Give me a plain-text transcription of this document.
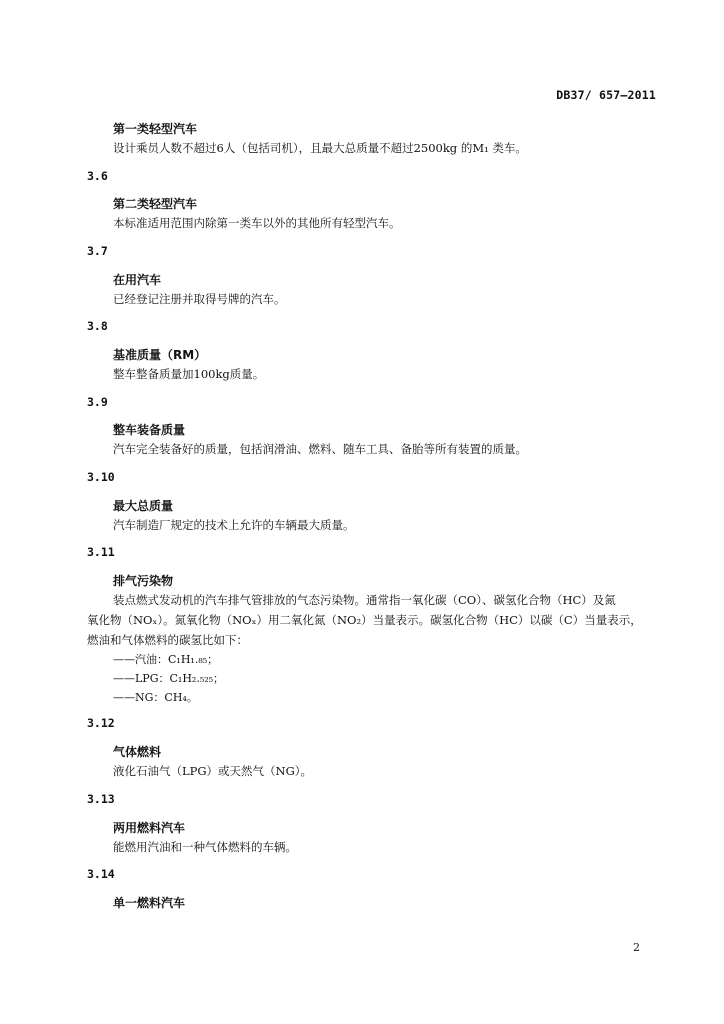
DB37/ 657—2011
第一类轻型汽车
设计乘员人数不超过6人（包括司机），且最大总质量不超过2500kg 的M₁ 类车。
3.6
第二类轻型汽车
本标准适用范围内除第一类车以外的其他所有轻型汽车。
3.7
在用汽车
已经登记注册并取得号牌的汽车。
3.8
基准质量（RM）
整车整备质量加100kg质量。
3.9
整车装备质量
汽车完全装备好的质量，包括润滑油、燃料、随车工具、备胎等所有装置的质量。
3.10
最大总质量
汽车制造厂规定的技术上允许的车辆最大质量。
3.11
排气污染物
装点燃式发动机的汽车排气管排放的气态污染物。通常指一氧化碳（CO）、碳氢化合物（HC）及氮
氧化物（NOₓ）。氮氧化物（NOₓ）用二氧化氮（NO₂）当量表示。碳氢化合物（HC）以碳（C）当量表示，
燃油和气体燃料的碳氢比如下：
——汽油：C₁H₁.₈₅；
——LPG：C₁H₂.₅₂₅；
——NG：CH₄。
3.12
气体燃料
液化石油气（LPG）或天然气（NG）。
3.13
两用燃料汽车
能燃用汽油和一种气体燃料的车辆。
3.14
单一燃料汽车
2
